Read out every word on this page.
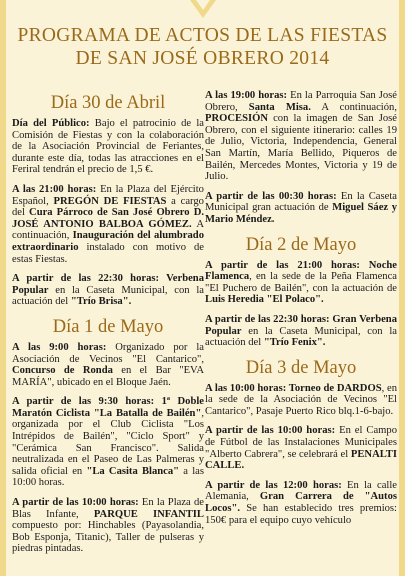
PROGRAMA DE ACTOS DE LAS FIESTAS
DE SAN JOSÉ OBRERO 2014
Día 30 de Abril

Día del Público: Bajo el patrocinio de la Comisión de Fiestas y con la colaboración de la Asociación Provincial de Feriantes, durante este día, todas las atracciones en el Feriral tendrán el precio de 1,5 €.

A las 21:00 horas: En la Plaza del Ejército Español, PREGÓN DE FIESTAS a cargo del Cura Párroco de San José Obrero D. JOSÉ ANTONIO BALBOA GÓMEZ. A continuación, Inauguración del alumbrado extraordinario instalado con motivo de estas Fiestas.

A partir de las 22:30 horas: Verbena Popular en la Caseta Municipal, con la actuación del "Trío Brisa".

Día 1 de Mayo

A las 9:00 horas: Organizado por la Asociación de Vecinos "El Cantarico", Concurso de Ronda en el Bar "EVA MARÍA", ubicado en el Bloque Jaén.

A partir de las 9:30 horas: 1ª Doble Maratón Ciclista "La Batalla de Bailén", organizada por el Club Ciclista "Los Intrépidos de Bailén", "Ciclo Sport" y "Cerámica San Francisco". Salida neutralizada en el Paseo de Las Palmeras y salida oficial en "La Casita Blanca" a las 10:00 horas.

A partir de las 10:00 horas: En la Plaza de Blas Infante, PARQUE INFANTIL compuesto por: Hinchables (Payasolandia, Bob Esponja, Titanic), Taller de pulseras y piedras pintadas.

A las 19:00 horas: En la Parroquia San José Obrero, Santa Misa. A continuación, PROCESIÓN con la imagen de San José Obrero, con el siguiente itinerario: calles 19 de Julio, Victoria, Independencia, General San Martín, María Bellido, Piqueros de Bailén, Mercedes Montes, Victoria y 19 de Julio.

A partir de las 00:30 horas: En la Caseta Municipal gran actuación de Miguel Sáez y Mario Méndez.

Día 2 de Mayo

A partir de las 21:00 horas: Noche Flamenca, en la sede de la Peña Flamenca "El Puchero de Bailén", con la actuación de Luis Heredia "El Polaco".

A partir de las 22:30 horas: Gran Verbena Popular en la Caseta Municipal, con la actuación del "Trío Fenix".

Día 3 de Mayo

A las 10:00 horas: Torneo de DARDOS, en la sede de la Asociación de Vecinos "El Cantarico", Pasaje Puerto Rico blq.1-6-bajo.

A partir de las 10:00 horas: En el Campo de Fútbol de las Instalaciones Municipales "Alberto Cabrera", se celebrará el PENALTI CALLE.

A partir de las 12:00 horas: En la calle Alemania, Gran Carrera de "Autos Locos". Se han establecido tres premios: 150€ para el equipo cuyo vehículo
